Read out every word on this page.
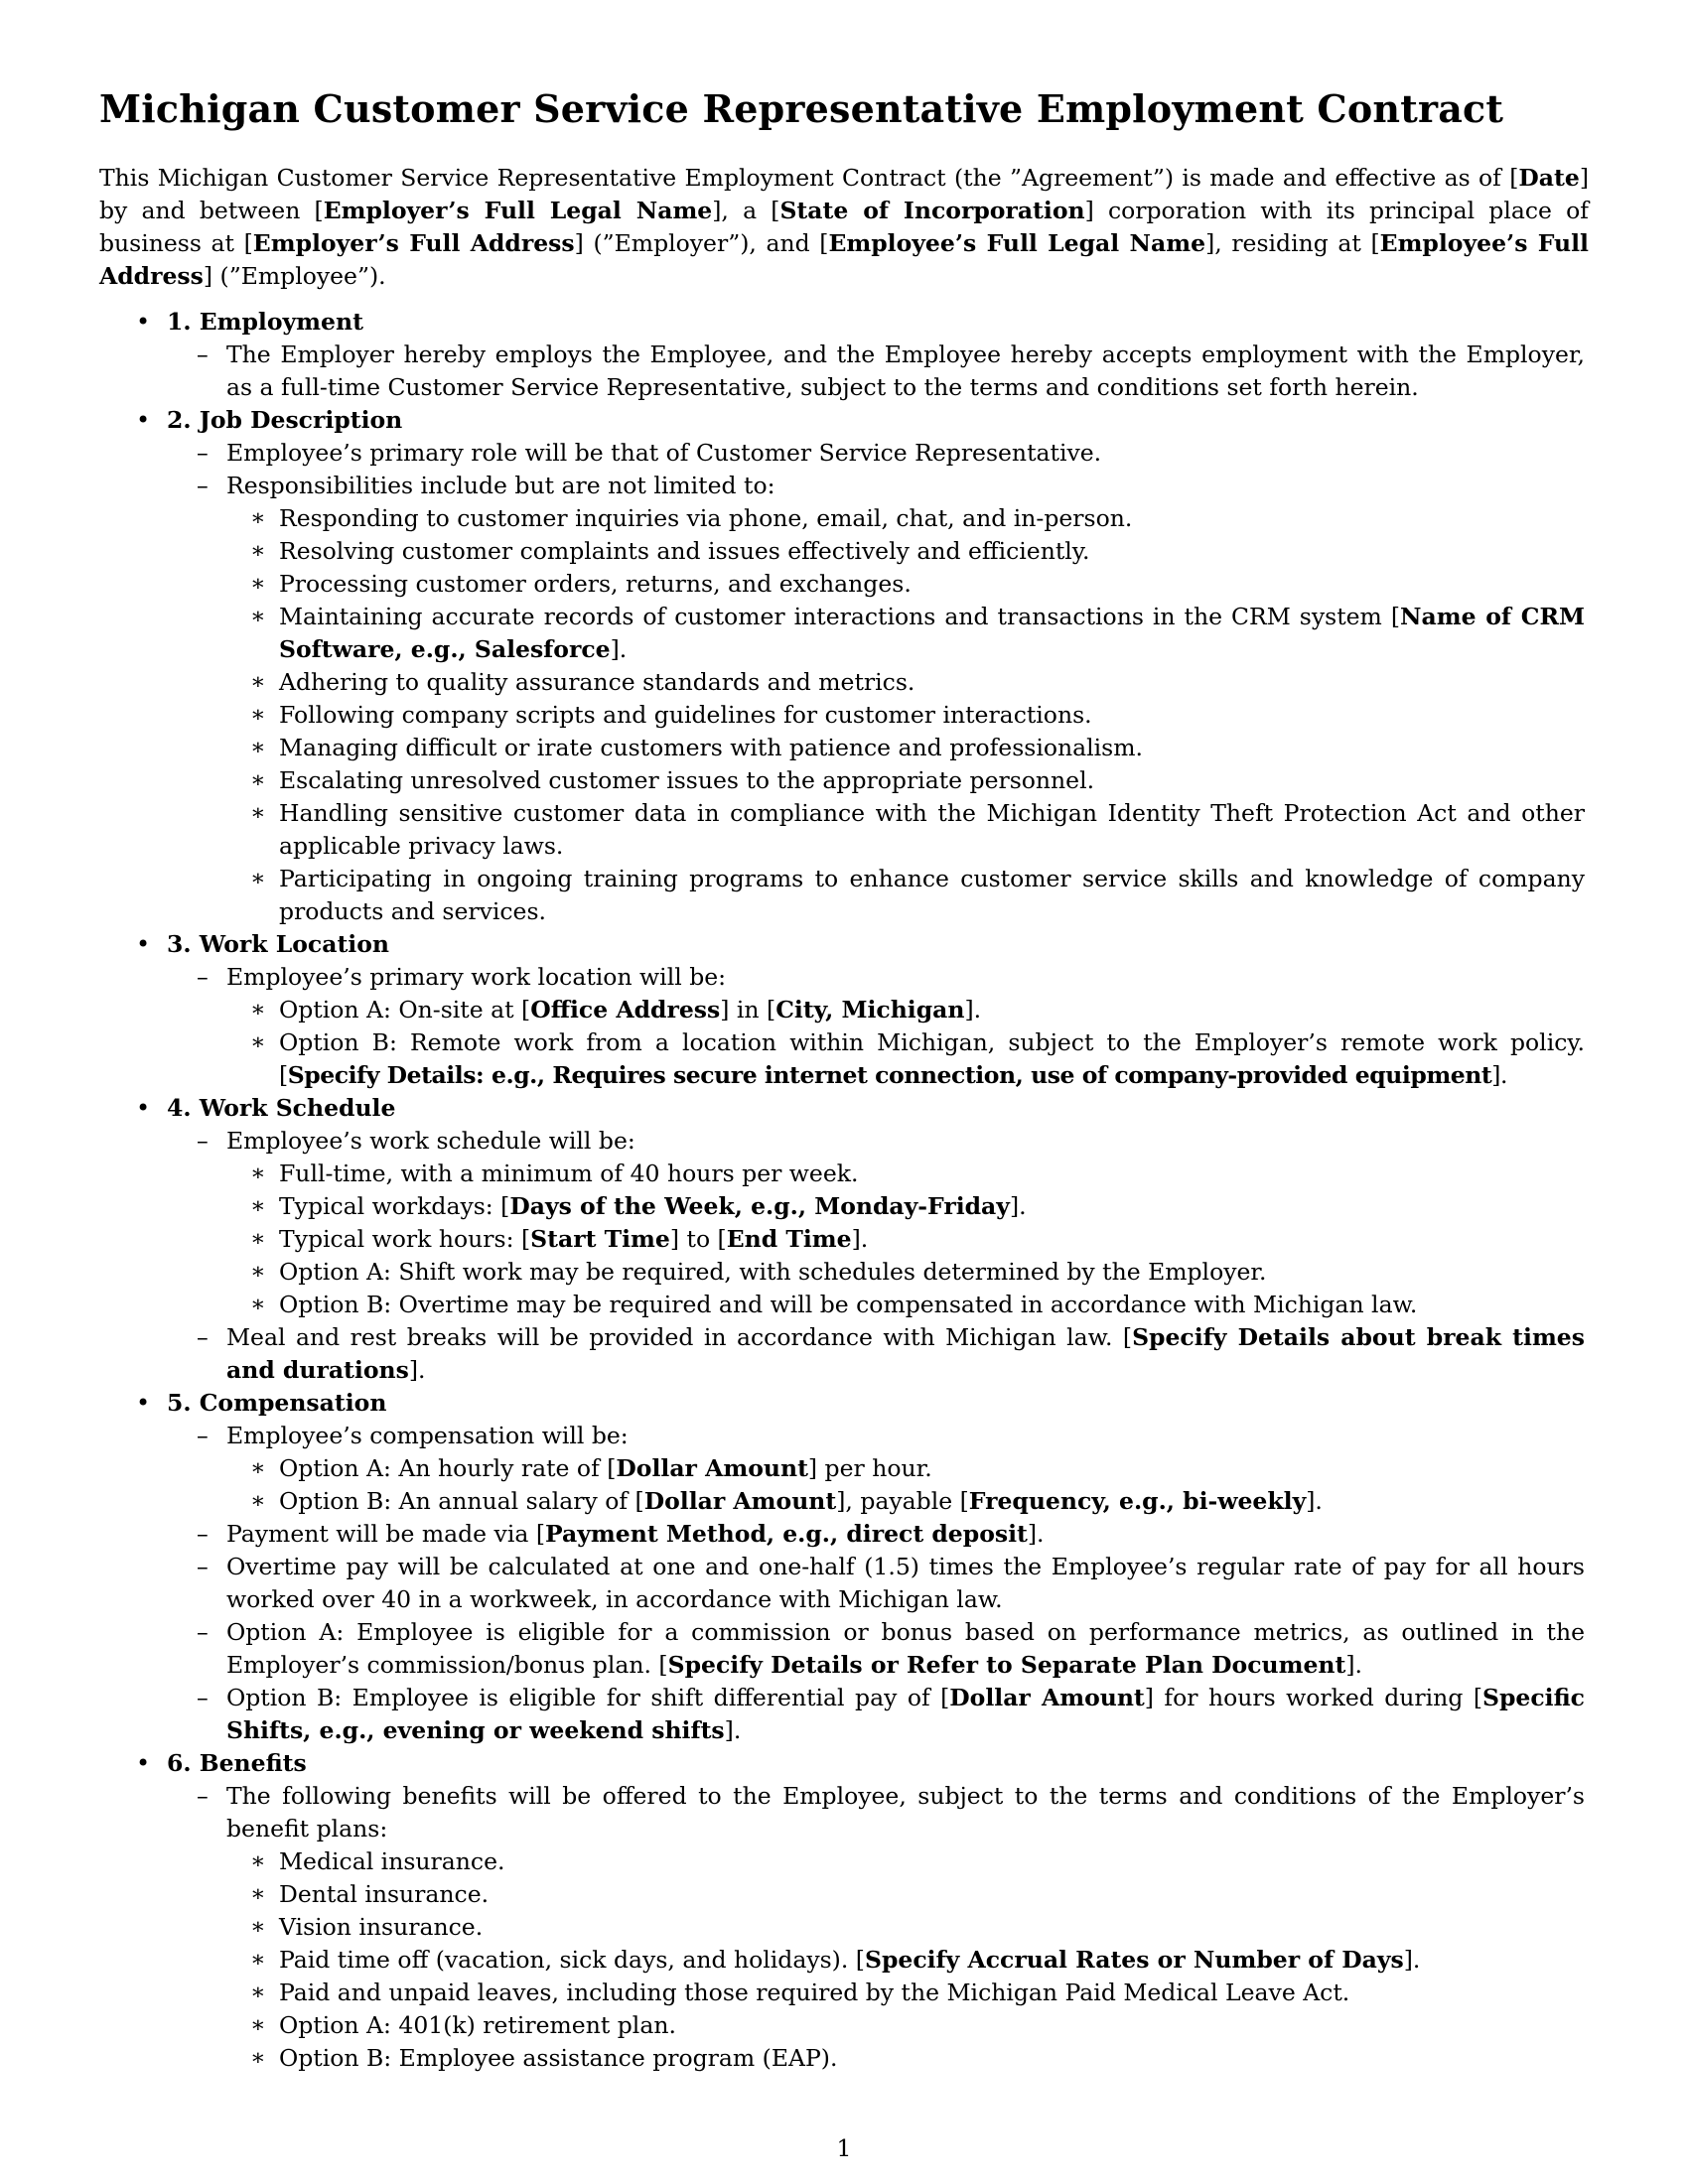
Michigan Customer Service Representative Employment Contract

This Michigan Customer Service Representative Employment Contract (the ”Agreement”) is made and effective as of [Date] by and between [Employer’s Full Legal Name], a [State of Incorporation] corporation with its principal place of business at [Employer’s Full Address] (”Employer”), and [Employee’s Full Legal Name], residing at [Employee’s Full Address] (”Employee”).

• 1. Employment
– The Employer hereby employs the Employee, and the Employee hereby accepts employment with the Employer,
as a full-time Customer Service Representative, subject to the terms and conditions set forth herein.
• 2. Job Description
– Employee’s primary role will be that of Customer Service Representative.
– Responsibilities include but are not limited to:
∗ Responding to customer inquiries via phone, email, chat, and in-person.
∗ Resolving customer complaints and issues effectively and efficiently.
∗ Processing customer orders, returns, and exchanges.
∗ Maintaining accurate records of customer interactions and transactions in the CRM system [Name of CRM
Software, e.g., Salesforce].
∗ Adhering to quality assurance standards and metrics.
∗ Following company scripts and guidelines for customer interactions.
∗ Managing difficult or irate customers with patience and professionalism.
∗ Escalating unresolved customer issues to the appropriate personnel.
∗ Handling sensitive customer data in compliance with the Michigan Identity Theft Protection Act and other
applicable privacy laws.
∗ Participating in ongoing training programs to enhance customer service skills and knowledge of company
products and services.
• 3. Work Location
– Employee’s primary work location will be:
∗ Option A: On-site at [Office Address] in [City, Michigan].
∗ Option B: Remote work from a location within Michigan, subject to the Employer’s remote work policy.
[Specify Details: e.g., Requires secure internet connection, use of company-provided equipment].
• 4. Work Schedule
– Employee’s work schedule will be:
∗ Full-time, with a minimum of 40 hours per week.
∗ Typical workdays: [Days of the Week, e.g., Monday-Friday].
∗ Typical work hours: [Start Time] to [End Time].
∗ Option A: Shift work may be required, with schedules determined by the Employer.
∗ Option B: Overtime may be required and will be compensated in accordance with Michigan law.
– Meal and rest breaks will be provided in accordance with Michigan law. [Specify Details about break times
and durations].
• 5. Compensation
– Employee’s compensation will be:
∗ Option A: An hourly rate of [Dollar Amount] per hour.
∗ Option B: An annual salary of [Dollar Amount], payable [Frequency, e.g., bi-weekly].
– Payment will be made via [Payment Method, e.g., direct deposit].
– Overtime pay will be calculated at one and one-half (1.5) times the Employee’s regular rate of pay for all hours
worked over 40 in a workweek, in accordance with Michigan law.
– Option A: Employee is eligible for a commission or bonus based on performance metrics, as outlined in the
Employer’s commission/bonus plan. [Specify Details or Refer to Separate Plan Document].
– Option B: Employee is eligible for shift differential pay of [Dollar Amount] for hours worked during [Specific
Shifts, e.g., evening or weekend shifts].
• 6. Benefits
– The following benefits will be offered to the Employee, subject to the terms and conditions of the Employer’s
benefit plans:
∗ Medical insurance.
∗ Dental insurance.
∗ Vision insurance.
∗ Paid time off (vacation, sick days, and holidays). [Specify Accrual Rates or Number of Days].
∗ Paid and unpaid leaves, including those required by the Michigan Paid Medical Leave Act.
∗ Option A: 401(k) retirement plan.
∗ Option B: Employee assistance program (EAP).
1
